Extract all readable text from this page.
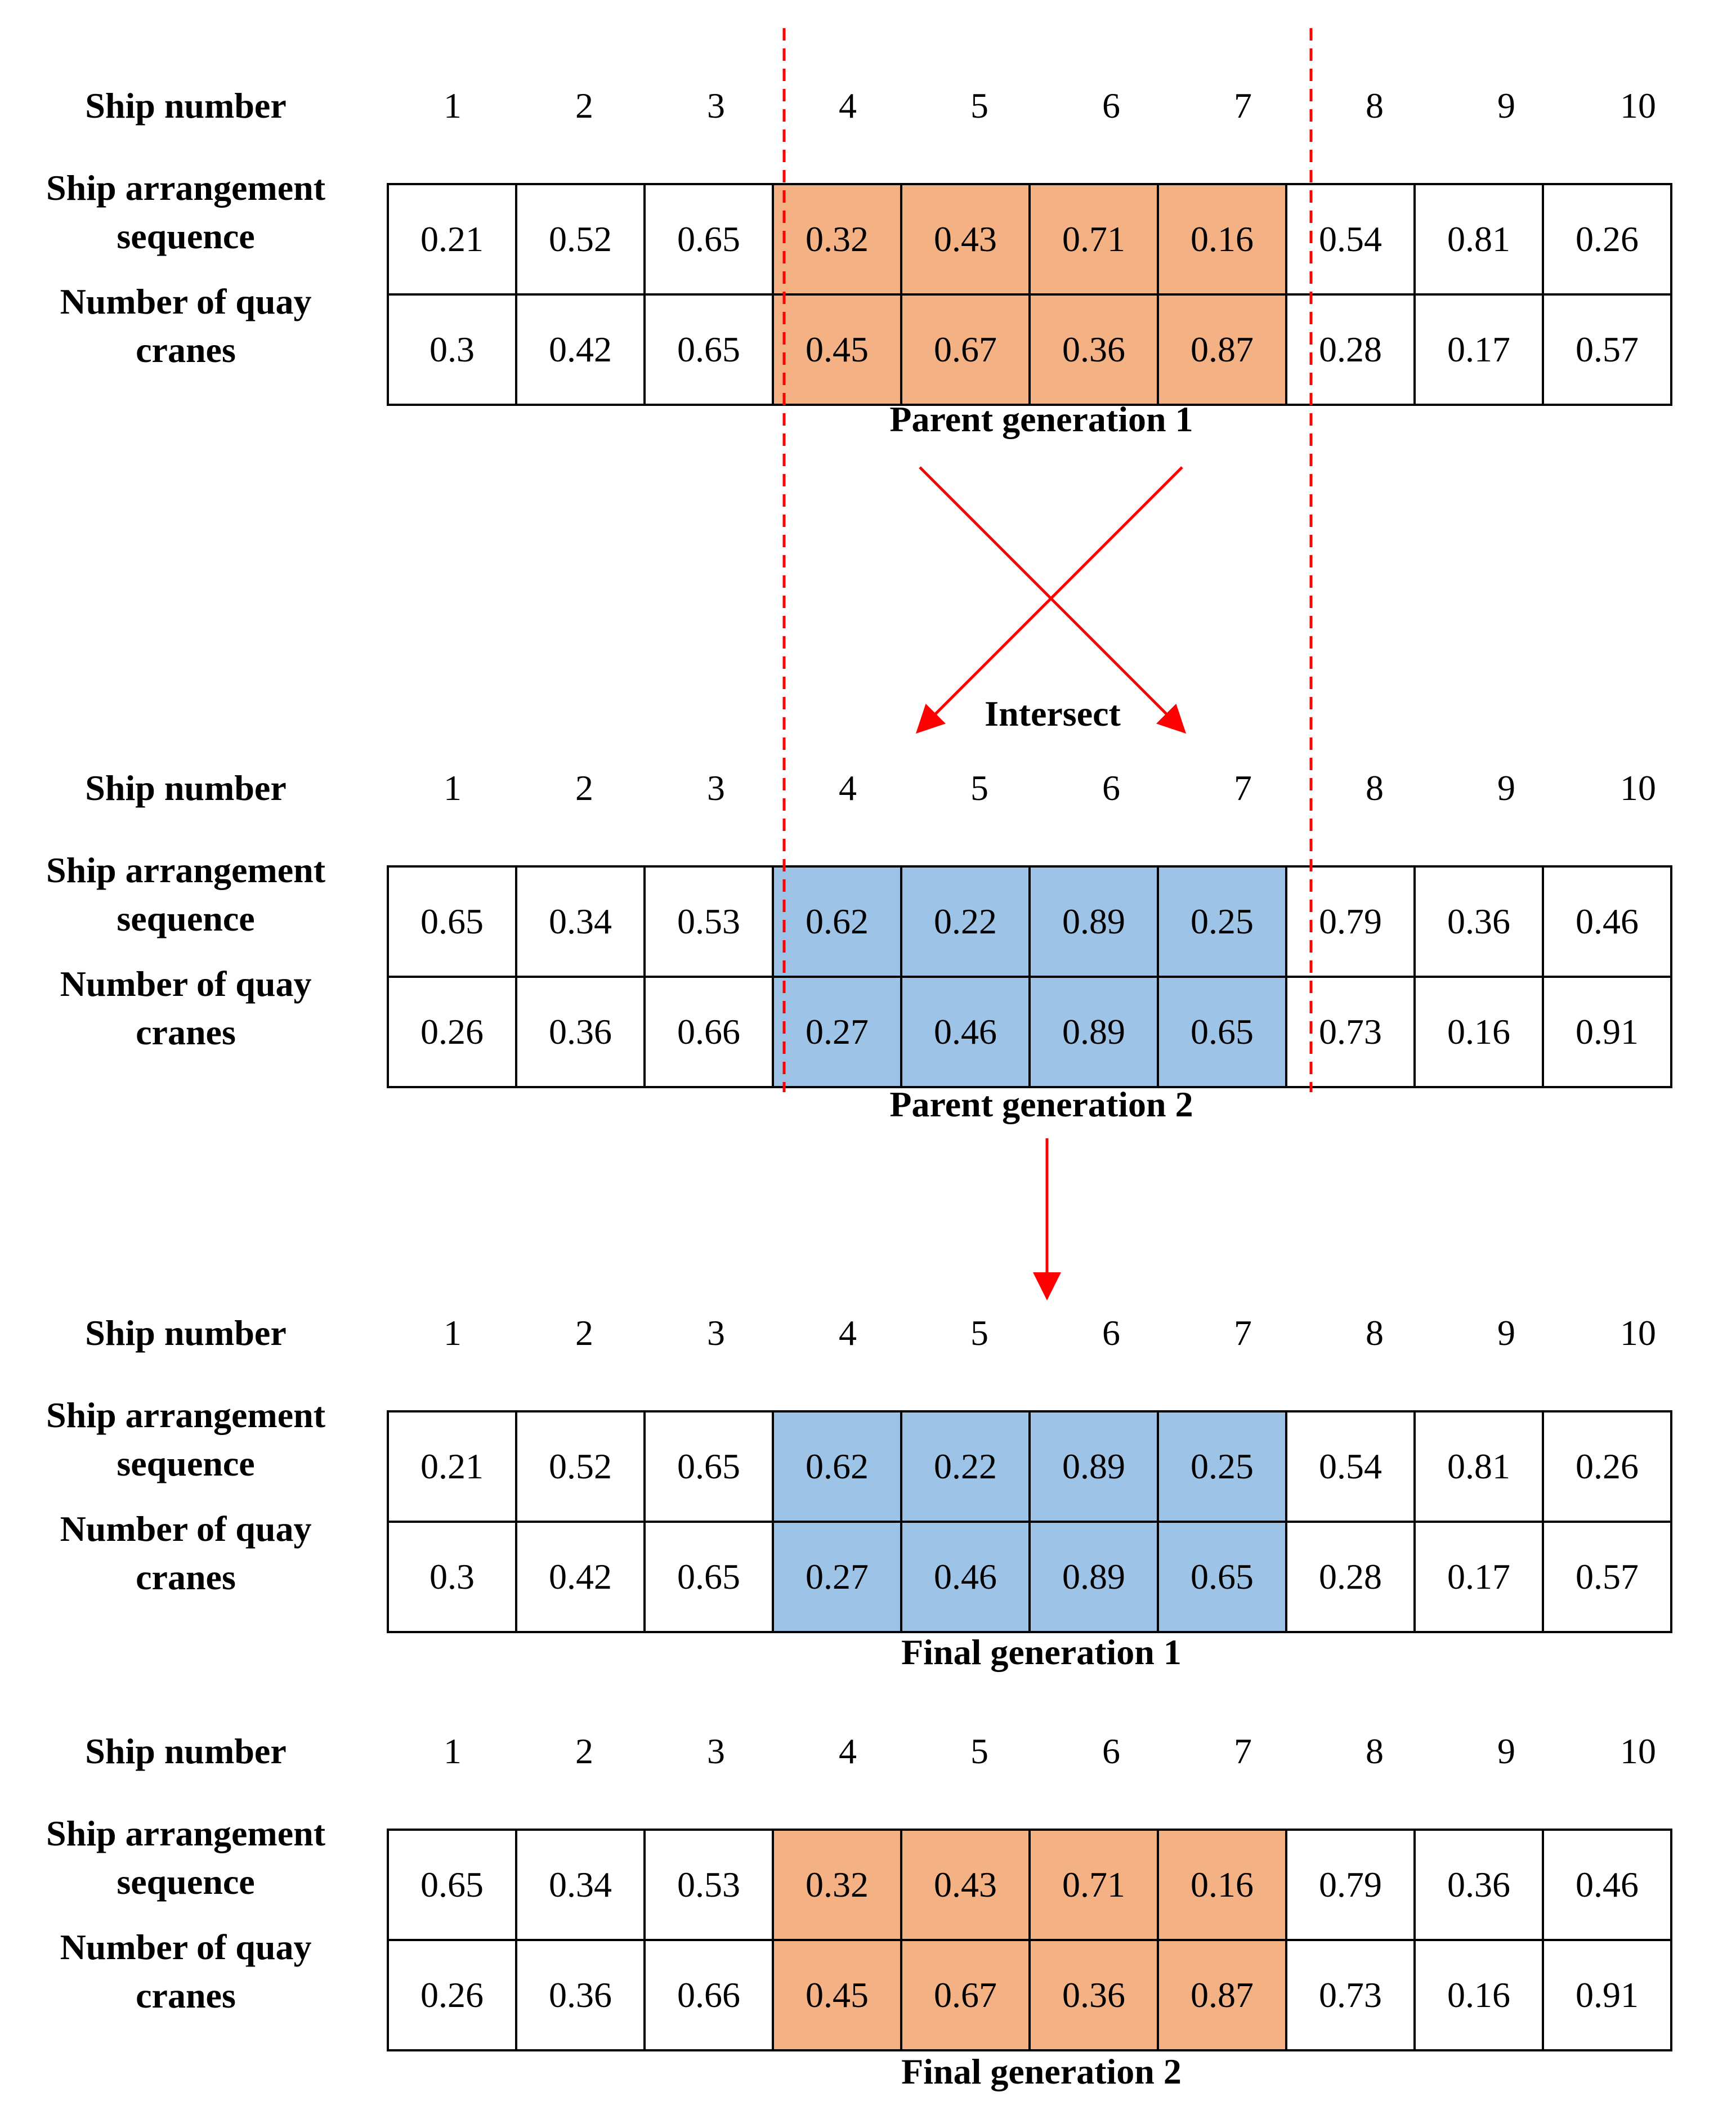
Ship number
Ship arrangement
sequence
Number of quay
cranes
1	2	3	4	5	6	7	8	9	10
0.21	0.52	0.65	0.32	0.43	0.71	0.16	0.54	0.81	0.26
0.3	0.42	0.65	0.45	0.67	0.36	0.87	0.28	0.17	0.57
Ship number
Ship arrangement
sequence
Number of quay
cranes
1	2	3	4	5	6	7	8	9	10
0.65	0.34	0.53	0.62	0.22	0.89	0.25	0.79	0.36	0.46
0.26	0.36	0.66	0.27	0.46	0.89	0.65	0.73	0.16	0.91
Ship number
Ship arrangement
sequence
Number of quay
cranes
1	2	3	4	5	6	7	8	9	10
0.21	0.52	0.65	0.62	0.22	0.89	0.25	0.54	0.81	0.26
0.3	0.42	0.65	0.27	0.46	0.89	0.65	0.28	0.17	0.57
Ship number
Ship arrangement
sequence
Number of quay
cranes
1	2	3	4	5	6	7	8	9	10
0.65	0.34	0.53	0.32	0.43	0.71	0.16	0.79	0.36	0.46
0.26	0.36	0.66	0.45	0.67	0.36	0.87	0.73	0.16	0.91
Intersect
Parent generation 1
Parent generation 2
Final generation 1
Final generation 2
